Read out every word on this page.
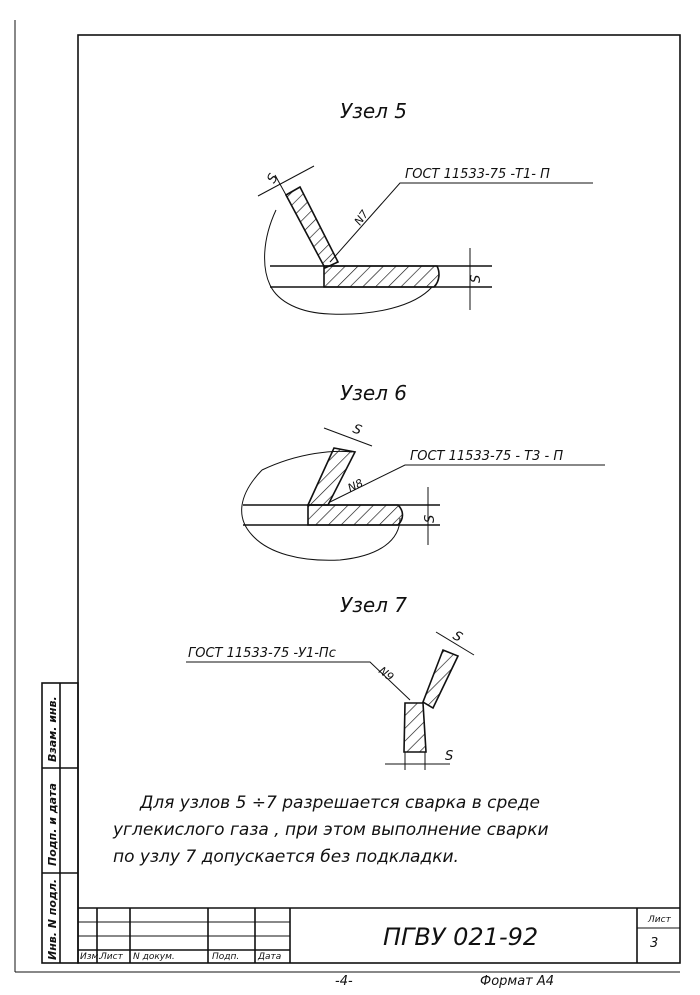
Узел 5
S
S
ГОСТ 11533-75 -Т1- П
N7
Узел 6
S
S
ГОСТ 11533-75 - Т3 - П
N8
Узел 7
S
S
ГОСТ 11533-75 -У1-Пс
N9
Для узлов 5 ÷7 разрешается сварка в среде
углекислого газа , при этом выполнение сварки
по узлу 7 допускается без подкладки.
Изм.
Лист N докум.	Подп. Дата
ПГВУ 021-92
Лист
3
Инв. N подл.
Подп. и дата
Взам. инв.
-4-	Формат А4
